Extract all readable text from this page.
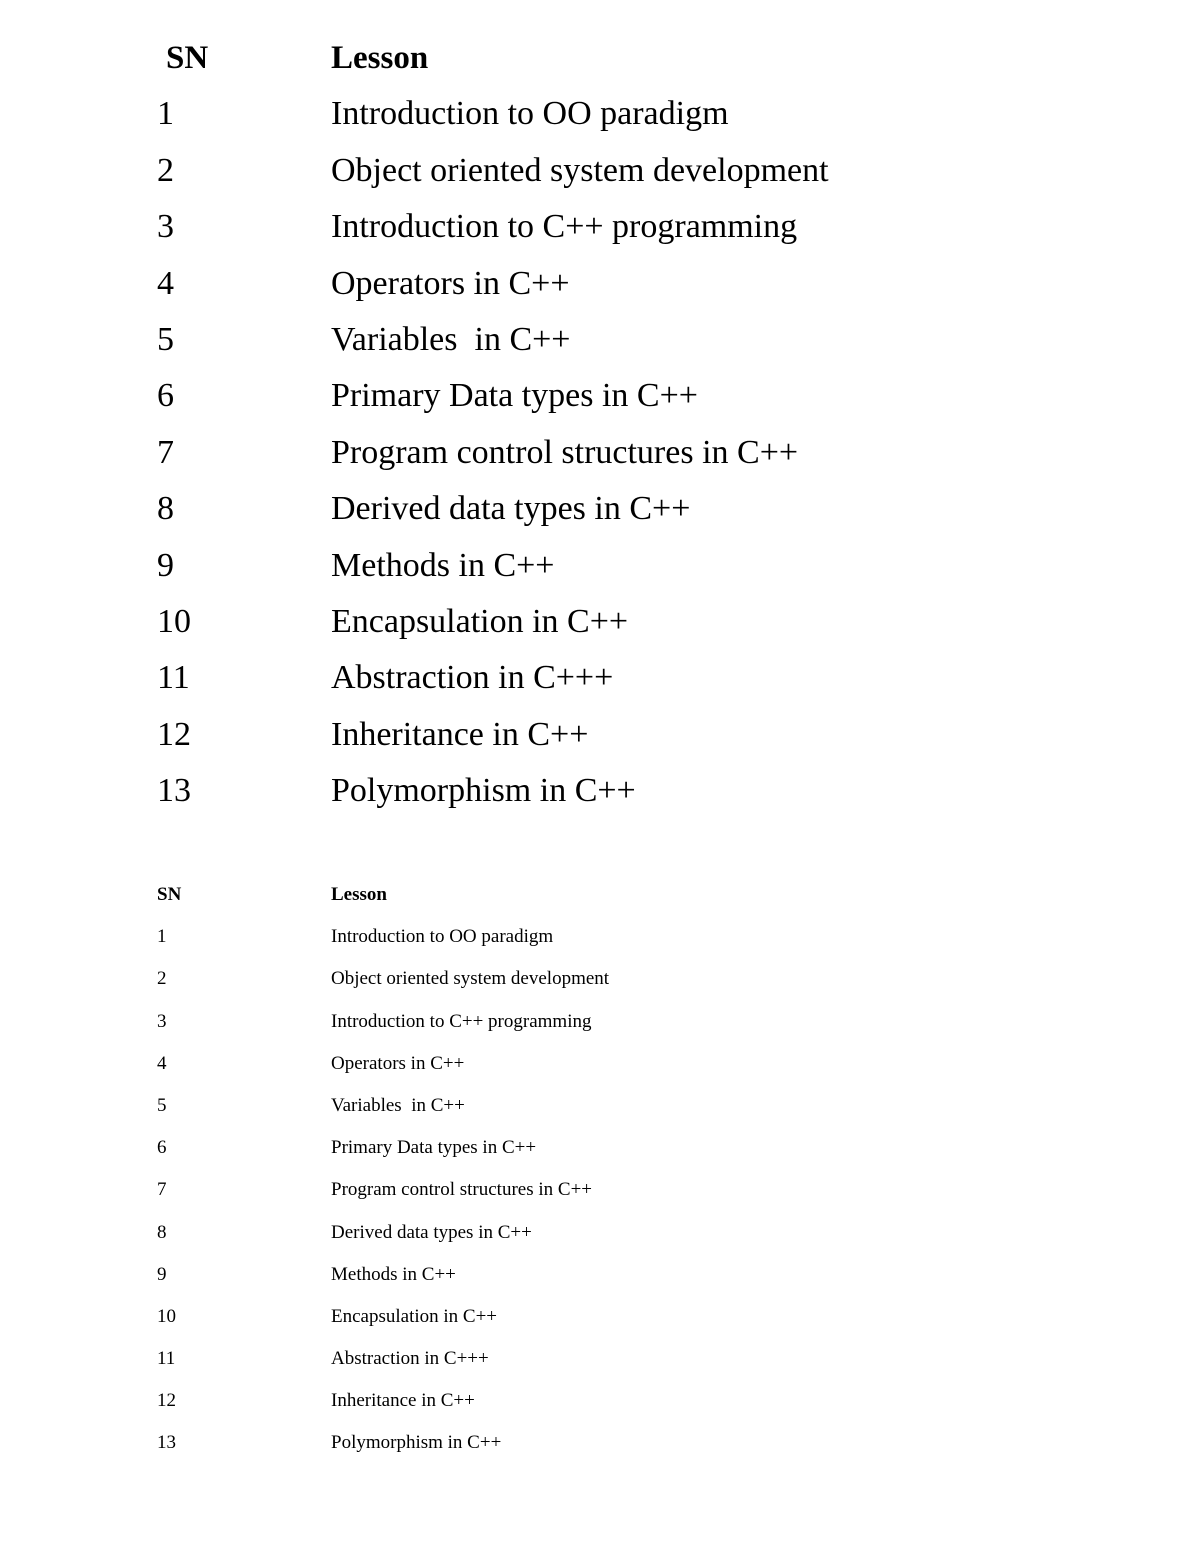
SN	Lesson
1	Introduction to OO paradigm
2	Object oriented system development
3	Introduction to C++ programming
4	Operators in C++
5	Variables  in C++
6	Primary Data types in C++
7	Program control structures in C++
8	Derived data types in C++
9	Methods in C++
10	Encapsulation in C++
11	Abstraction in C+++
12	Inheritance in C++
13	Polymorphism in C++
SN	Lesson
1	Introduction to OO paradigm
2	Object oriented system development
3	Introduction to C++ programming
4	Operators in C++
5	Variables  in C++
6	Primary Data types in C++
7	Program control structures in C++
8	Derived data types in C++
9	Methods in C++
10	Encapsulation in C++
11	Abstraction in C+++
12	Inheritance in C++
13	Polymorphism in C++
